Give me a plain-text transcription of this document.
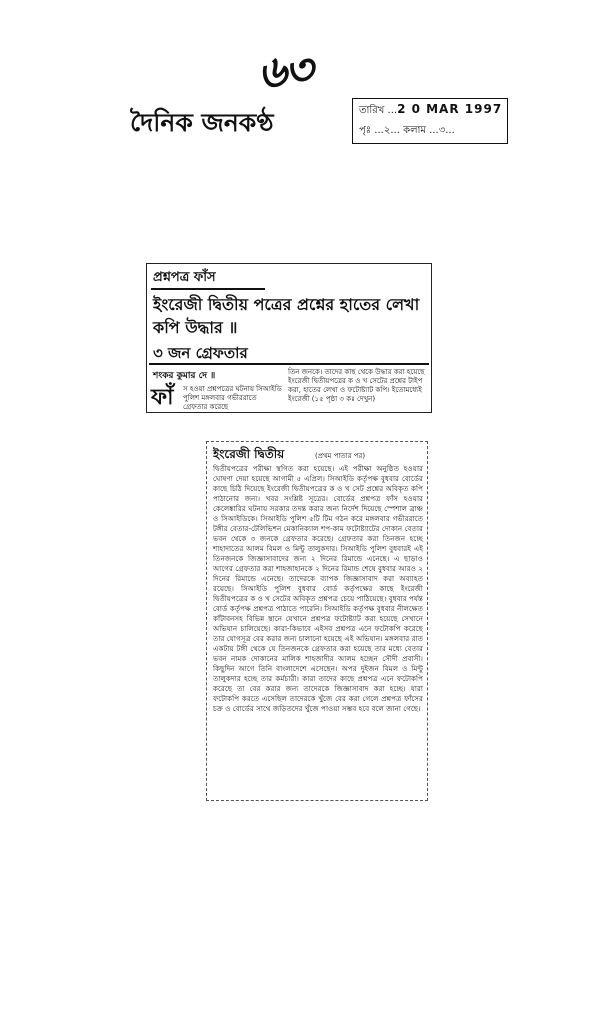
৬৩
দৈনিক জনকণ্ঠ	তারিখ ...2 0 MAR 1997
পৃঃ ...২... কলাম ...৩...
প্রশ্নপত্র ফাঁস
ইংরেজী দ্বিতীয় পত্রের প্রশ্নের হাতের লেখা কপি উদ্ধার ॥
৩ জন গ্রেফতার
শংকর কুমার দে ॥
ফাঁ স হওয়া প্রশ্নপত্রের ঘটনায় সিআইডি পুলিশ মঙ্গলবার গভীররাতে গ্রেফতার করেছে
তিন জনকে। তাদের কাছ থেকে উদ্ধার করা হয়েছে ইংরেজী দ্বিতীয়পত্রের ক ও খ সেটের প্রশ্নের টাইপ করা, হাতের লেখা ও ফটোষ্ট্যাট কপি। ইতোমধ্যেই ইংরেজী (১৫ পৃষ্ঠা ৩ কঃ দেখুন)
ইংরেজী দ্বিতীয়	(প্রথম পাতার পর)
দ্বিতীয়পত্রের পরীক্ষা স্থগিত করা হয়েছে। এই পরীক্ষা অনুষ্ঠিত হওয়ার ঘোষণা দেয়া হয়েছে আগামী ৫ এপ্রিল। সিআইডি কর্তৃপক্ষ বুধবার বোর্ডের কাছে চিঠি দিয়েছে ইংরেজী দ্বিতীয়পত্রের ক ও খ সেট প্রশ্নের অবিকৃত কপি পাঠানোর জন্য। খবর সংশ্লিষ্ট সূত্রের। বোর্ডের প্রশ্নপত্র ফাঁস হওয়ার কেলেঙ্কারির ঘটনায় সরকার তদন্ত করার জন্য নির্দেশ দিয়েছে স্পেশাল ব্রাঞ্চ ও সিআইডিকে। সিআইডি পুলিশ ৫টি টিম গঠন করে মঙ্গলবার গভীররাতে টঙ্গীর বেতার-টেলিভিশন মেকানিক্যাল শপ-কাম ফটোষ্ট্যাটের দোকান বেতার ভবন থেকে ৩ জনকে গ্রেফতার করেছে। গ্রেফতার করা তিনজন হচ্ছে শাহাদাতের আলম বিমল ও মিন্টু তালুকদার। সিআইডি পুলিশ বুধবারই এই তিনজনকে জিজ্ঞাসাবাদের জন্য ২ দিনের রিমান্ডে এনেছে। এ ছাড়াও আগের গ্রেফতার করা শাহজাহানকে ২ দিনের রিমান্ড শেষে বুধবার আরও ২ দিনের রিমান্ডে এনেছে। তাদেরকে ব্যাপক জিজ্ঞাসাবাদ করা অব্যাহত রয়েছে। সিআইডি পুলিশ বুধবার বোর্ড কর্তৃপক্ষের কাছে ইংরেজী দ্বিতীয়পত্রের ক ও খ সেটের অবিকৃত প্রশ্নপত্র চেয়ে পাঠিয়েছে। বুধবার পর্যন্ত বোর্ড কর্তৃপক্ষ প্রশ্নপত্র পাঠাতে পারেনি। সিআইডি কর্তৃপক্ষ বুধবার নীলক্ষেত কাঁটাবনসহ বিভিন্ন স্থানে যেখানে প্রশ্নপত্র ফটোষ্ট্যাট করা হয়েছে সেখানে অভিযান চালিয়েছে। কারা-কিভাবে এইসব প্রশ্নপত্র এনে ফটোকপি করেছে তার যোগসূত্র বের করার জন্য চালানো হয়েছে এই অভিযান। মঙ্গলবার রাত একটায় টঙ্গী থেকে যে তিনজনকে গ্রেফতার করা হয়েছে তার মধ্যে বেতার ভবন নামক দোকানের মালিক শাহজাদীর আলম হচ্ছেন সৌদী প্রবাসী। কিছুদিন আগে তিনি বাংলাদেশে এসেছেন। অপর দুইজন বিমল ও মিন্টু তালুকদার হচ্ছে তার কর্মচারী। কারা তাদের কাছে প্রশ্নপত্র এনে ফটোকপি করেছে তা বের করার জন্য তাদেরকে জিজ্ঞাসাবাদ করা হচ্ছে। যারা ফটোকপি করতে এসেছিল তাদেরকে খুঁজে বের করা গেলে প্রশ্নপত্র ফাঁসের চক্র ও বোর্ডের সাথে জড়িতদের খুঁজে পাওয়া সম্ভব হবে বলে জানা গেছে।
